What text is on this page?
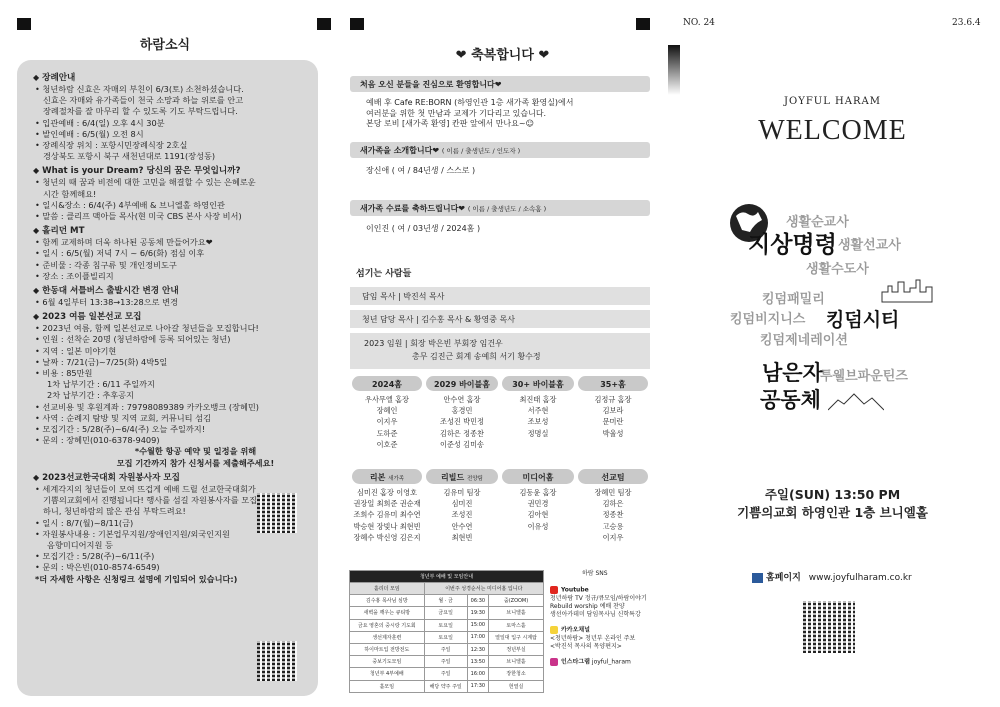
하람소식
◆ 장례안내
• 청년하람 신효은 자매의 부친이 6/3(토) 소천하셨습니다.
신효은 자매와 유가족들이 천국 소망과 하늘 위로를 안고
장례절차를 잘 마무리 할 수 있도록 기도 부탁드립니다.
• 입관예배 : 6/4(일) 오후 4시 30분
• 발인예배 : 6/5(월) 오전 8시
• 장례식장 위치 : 포항시민장례식장 2호실
경상북도 포항시 북구 새천년대로 1191(장성동)
◆ What is your Dream? 당신의 꿈은 무엇입니까?
• 청년의 때 꿈과 비전에 대한 고민을 해결할 수 있는 은혜로운
시간 함께해요!
• 일시&장소 : 6/4(주) 4부예배 & 브니엘홀 하영인관
• 말씀 : 클리프 맥아들 목사(현 미국 CBS 본사 사장 비서)
◆ 홀리던 MT
• 함께 교제하며 더욱 하나된 공동체 만들어가요❤
• 일시 : 6/5(월) 저녁 7시 ~ 6/6(화) 점심 이후
• 준비물 : 각종 침구류 및 개인정비도구
• 장소 : 조이플빌리지
◆ 한동대 셔틀버스 출발시간 변경 안내
• 6월 4일부터 13:38→13:28으로 변경
◆ 2023 여름 일본선교 모집
• 2023년 여름, 함께 일본선교로 나아갈 청년들을 모집합니다!
• 인원 : 선착순 20명 (청년하람에 등록 되어있는 청년)
• 지역 : 일본 미야기현
• 날짜 : 7/21(금)~7/25(화) 4박5일
• 비용 : 85만원
1차 납부기간 : 6/11 주일까지
2차 납부기간 : 추후공지
• 선교비용 및 후원계좌 : 79798089389 카카오뱅크 (장혜민)
• 사역 : 순례지 탐방 및 지역 교회, 커뮤니티 섬김
• 모집기간 : 5/28(주)~6/4(주) 오늘 주일까지!
• 문의 : 장혜민(010-6378-9409)
*수월한 항공 예약 및 일정을 위해
모집 기간까지 참가 신청서를 제출해주세요!
◆ 2023선교한국대회 자원봉사자 모집
• 세계각지의 청년들이 모여 뜨겁게 예배 드릴 선교한국대회가
기쁨의교회에서 진행됩니다! 행사를 섬길 자원봉사자를 모집
하니, 청년하람의 많은 관심 부탁드려요!
• 일시 : 8/7(월)~8/11(금)
• 자원봉사내용 : 기본업무지원/장애인지원/외국인지원
음향미디어지원 등
• 모집기간 : 5/28(주)~6/11(주)
• 문의 : 박은빈(010-8574-6549)
*더 자세한 사항은 신청링크 설명에 기입되어 있습니다:)
❤ 축복합니다 ❤
처음 오신 분들을 진심으로 환영합니다❤
예배 후 Cafe RE:BORN (하영인관 1층 새가족 환영실)에서
여러분을 위한 첫 만남과 교제가 기다리고 있습니다.
본당 로비 [새가족 환영] 칸판 앞에서 만나요~☺
새가족을 소개합니다❤ ( 이름 / 출생년도 / 인도자 )
장신애 ( 여 / 84년생 / 스스로 )
새가족 수료를 축하드립니다❤ ( 이름 / 출생년도 / 소속홈 )
이인진 ( 여 / 03년생 / 2024홈 )
섬기는 사람들
담임 목사 | 박진석 목사
청년 담당 목사 | 김수홍 목사 & 황영중 목사
2023 임원 | 회장 박은빈 부회장 임건우
총무 김진근 회계 송예희 서기 황수정
2024홈
우사무엘 홈장
장혜인
이지우
도하준
이호준
2029 바이블홈
안수연 홈장
홍경민
조성진 박민정
김하은 정종찬
이준성 김미송
30+ 바이블홈
최진태 홈장
서주현
조보성
정명실
35+홈
김정규 홈장
김보라
문미란
박율성
리본 새가족
심미진 홈장 이영호
권장일 최희준 권순재
조희수 김유미 최수연
박승현 장빛나 최현빈
장혜수 박신영 김은지
리빌드 전양팀
김유미 팀장
심미진
조성진
안수연
최현빈
미디어홈
김동윤 홈장
권민경
김아현
이유성
선교팀
장혜민 팀장
김하은
정종찬
고승용
이지우
청년부 예배 및 모임안내			
홀리더 모임	이번주 성경순서는 미디어홈 입니다		
김수홍 목사님 심방	월 · 금	06:30	줌(ZOOM)
새벽을 깨우는 큐티방	금요일	19:30	브니엘홀
금요 영혼의 중시랑 기도회	토요일	15:00	토마스홀
생선제자훈련	토요일	17:00	열일대 입구 시계탑
하이마트입 전방전도	주일	12:30	정년부실
중보기도모임	주일	13:50	브니엘홀
청년부 4부예배	주일	16:00	장한청소
홀모임	해당 약주 주일	17:30	헌열실
하람 SNS
Youtube
청년하람 TV 정규/큐모임/하람이야기
Rebuild worship 예배 찬양
생선아카데미 담임목사님 신학특강
카카오채널
<청년하람> 청년부 온라인 주보
<박진석 목사의 목양편지>
인스타그램 joyful_haram
NO. 24	23.6.4
JOYFUL HARAM
WELCOME
생활순교사
지상명령 생활선교사
생활수도사
킹덤패밀리
킹덤비지니스 킹덤시티
킹덤제네레이션
남은자
투웰브파운틴즈
공동체
주일(SUN) 13:50 PM
기쁨의교회 하영인관 1층 브니엘홀
홈페이지 www.joyfulharam.co.kr
